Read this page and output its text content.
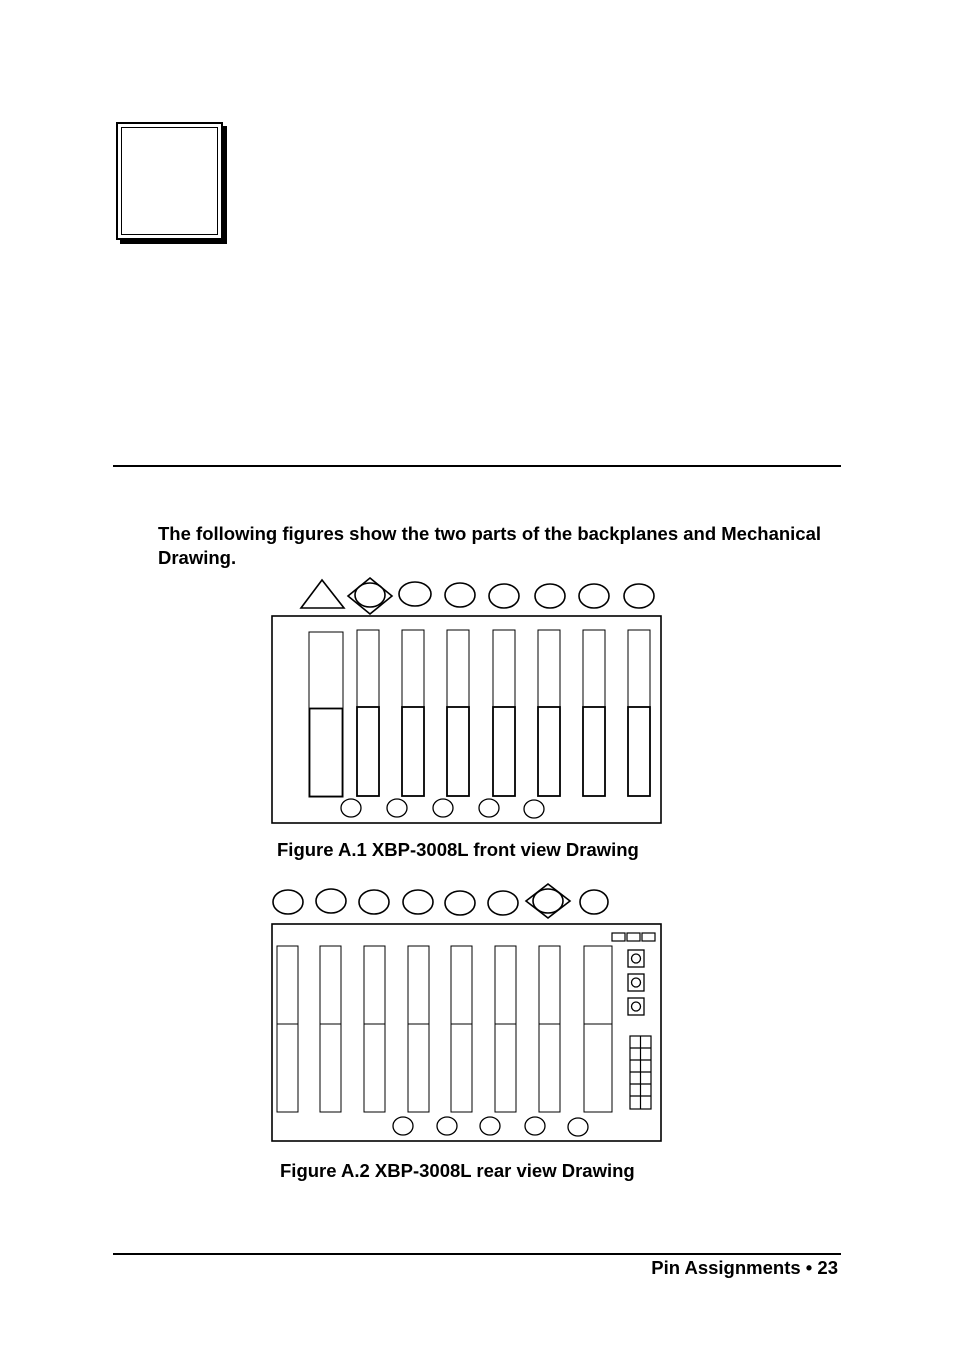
The following figures show the two parts of the backplanes and Mechanical Drawing.
Figure A.1 XBP-3008L front view Drawing
Figure A.2 XBP-3008L rear view Drawing
Pin Assignments • 23
